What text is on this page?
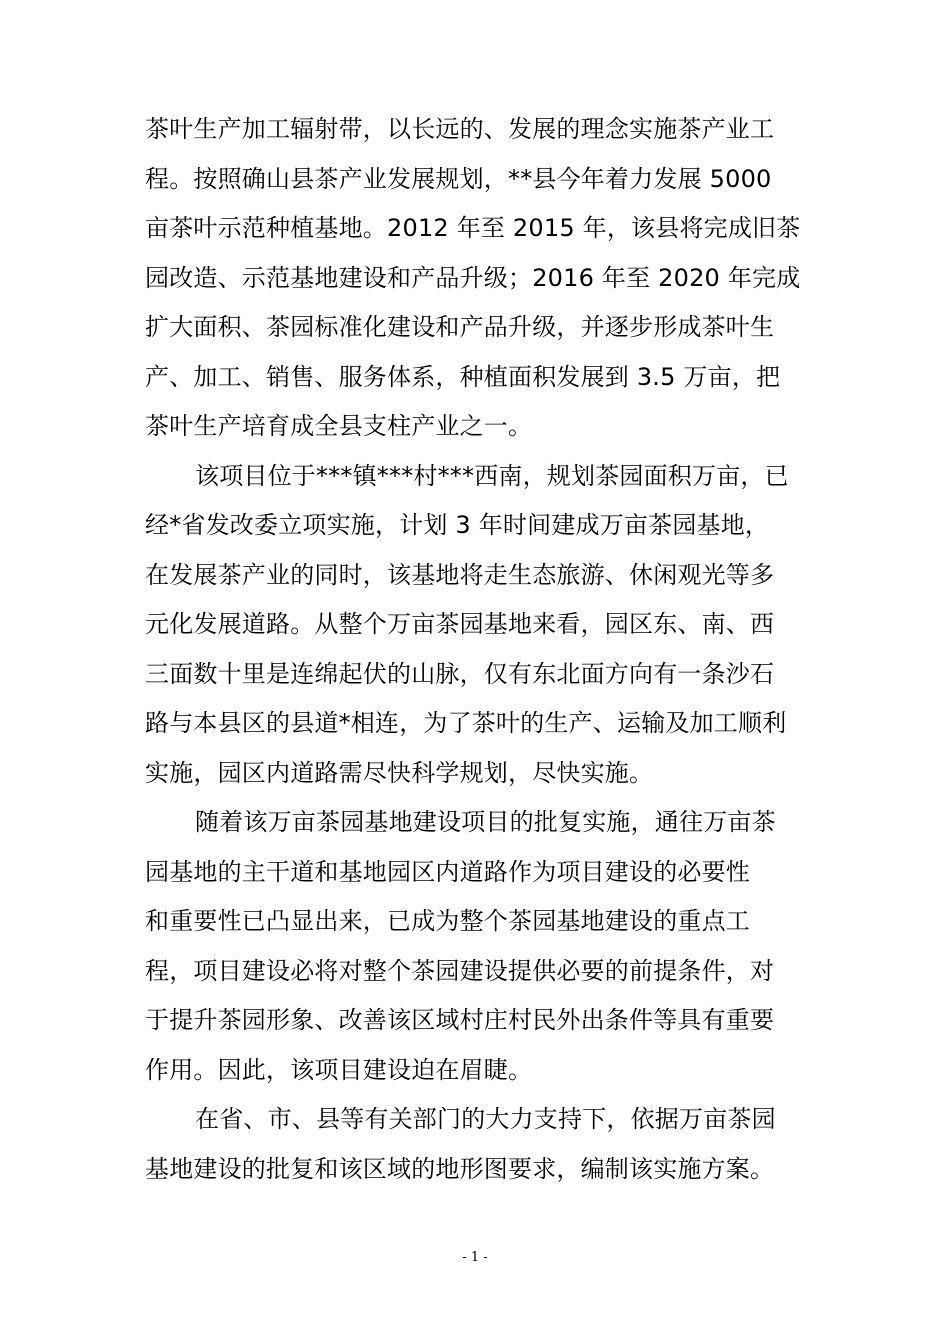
茶叶生产加工辐射带，以长远的、发展的理念实施茶产业工
程。按照确山县茶产业发展规划，**县今年着力发展 5000
亩茶叶示范种植基地。2012 年至 2015 年，该县将完成旧茶
园改造、示范基地建设和产品升级；2016 年至 2020 年完成
扩大面积、茶园标准化建设和产品升级，并逐步形成茶叶生
产、加工、销售、服务体系，种植面积发展到 3.5 万亩，把
茶叶生产培育成全县支柱产业之一。
该项目位于***镇***村***西南，规划茶园面积万亩，已
经*省发改委立项实施，计划 3 年时间建成万亩茶园基地，
在发展茶产业的同时，该基地将走生态旅游、休闲观光等多
元化发展道路。从整个万亩茶园基地来看，园区东、南、西
三面数十里是连绵起伏的山脉，仅有东北面方向有一条沙石
路与本县区的县道*相连，为了茶叶的生产、运输及加工顺利
实施，园区内道路需尽快科学规划，尽快实施。
随着该万亩茶园基地建设项目的批复实施，通往万亩茶
园基地的主干道和基地园区内道路作为项目建设的必要性
和重要性已凸显出来，已成为整个茶园基地建设的重点工
程，项目建设必将对整个茶园建设提供必要的前提条件，对
于提升茶园形象、改善该区域村庄村民外出条件等具有重要
作用。因此，该项目建设迫在眉睫。
在省、市、县等有关部门的大力支持下，依据万亩茶园
基地建设的批复和该区域的地形图要求，编制该实施方案。
- 1 -
